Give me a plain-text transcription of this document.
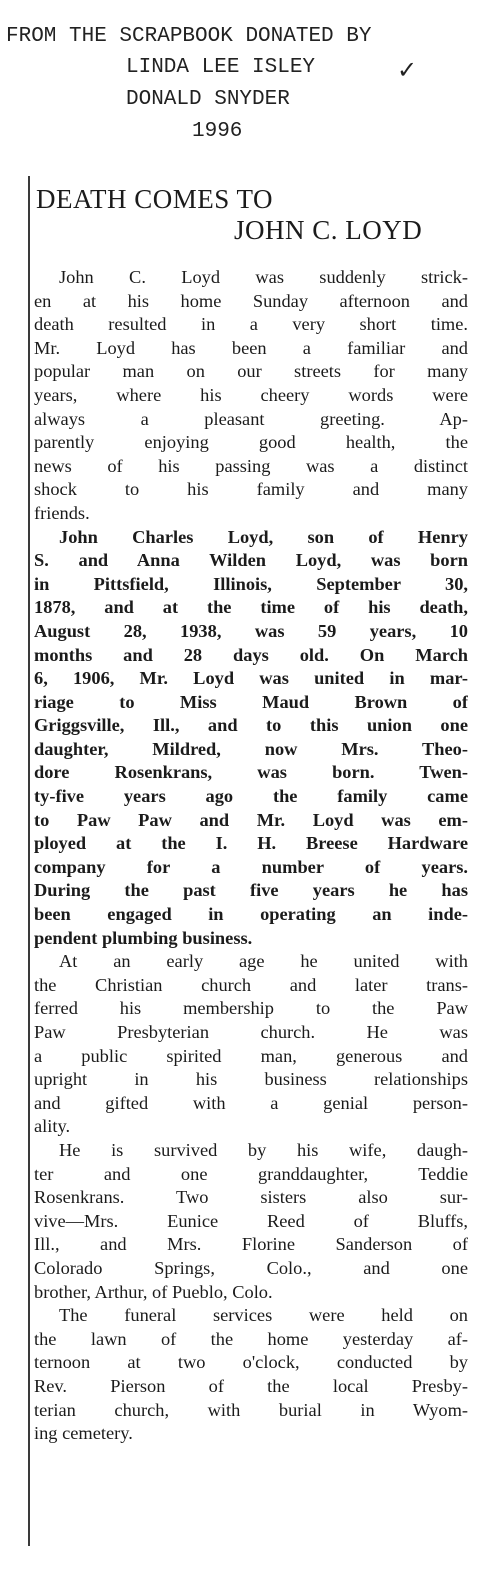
FROM THE SCRAPBOOK DONATED BY
LINDA LEE ISLEY
DONALD SNYDER
1996
✓
DEATH COMES TO
JOHN C. LOYD
John C. Loyd was suddenly strick-
en at his home Sunday afternoon and
death resulted in a very short time.
Mr. Loyd has been a familiar and
popular man on our streets for many
years, where his cheery words were
always a pleasant greeting. Ap-
parently enjoying good health, the
news of his passing was a distinct
shock to his family and many
friends.
John Charles Loyd, son of Henry
S. and Anna Wilden Loyd, was born
in Pittsfield, Illinois, September 30,
1878, and at the time of his death,
August 28, 1938, was 59 years, 10
months and 28 days old. On March
6, 1906, Mr. Loyd was united in mar-
riage to Miss Maud Brown of
Griggsville, Ill., and to this union one
daughter, Mildred, now Mrs. Theo-
dore Rosenkrans, was born. Twen-
ty-five years ago the family came
to Paw Paw and Mr. Loyd was em-
ployed at the I. H. Breese Hardware
company for a number of years.
During the past five years he has
been engaged in operating an inde-
pendent plumbing business.
At an early age he united with
the Christian church and later trans-
ferred his membership to the Paw
Paw Presbyterian church. He was
a public spirited man, generous and
upright in his business relationships
and gifted with a genial person-
ality.
He is survived by his wife, daugh-
ter and one granddaughter, Teddie
Rosenkrans. Two sisters also sur-
vive—Mrs. Eunice Reed of Bluffs,
Ill., and Mrs. Florine Sanderson of
Colorado Springs, Colo., and one
brother, Arthur, of Pueblo, Colo.
The funeral services were held on
the lawn of the home yesterday af-
ternoon at two o'clock, conducted by
Rev. Pierson of the local Presby-
terian church, with burial in Wyom-
ing cemetery.
